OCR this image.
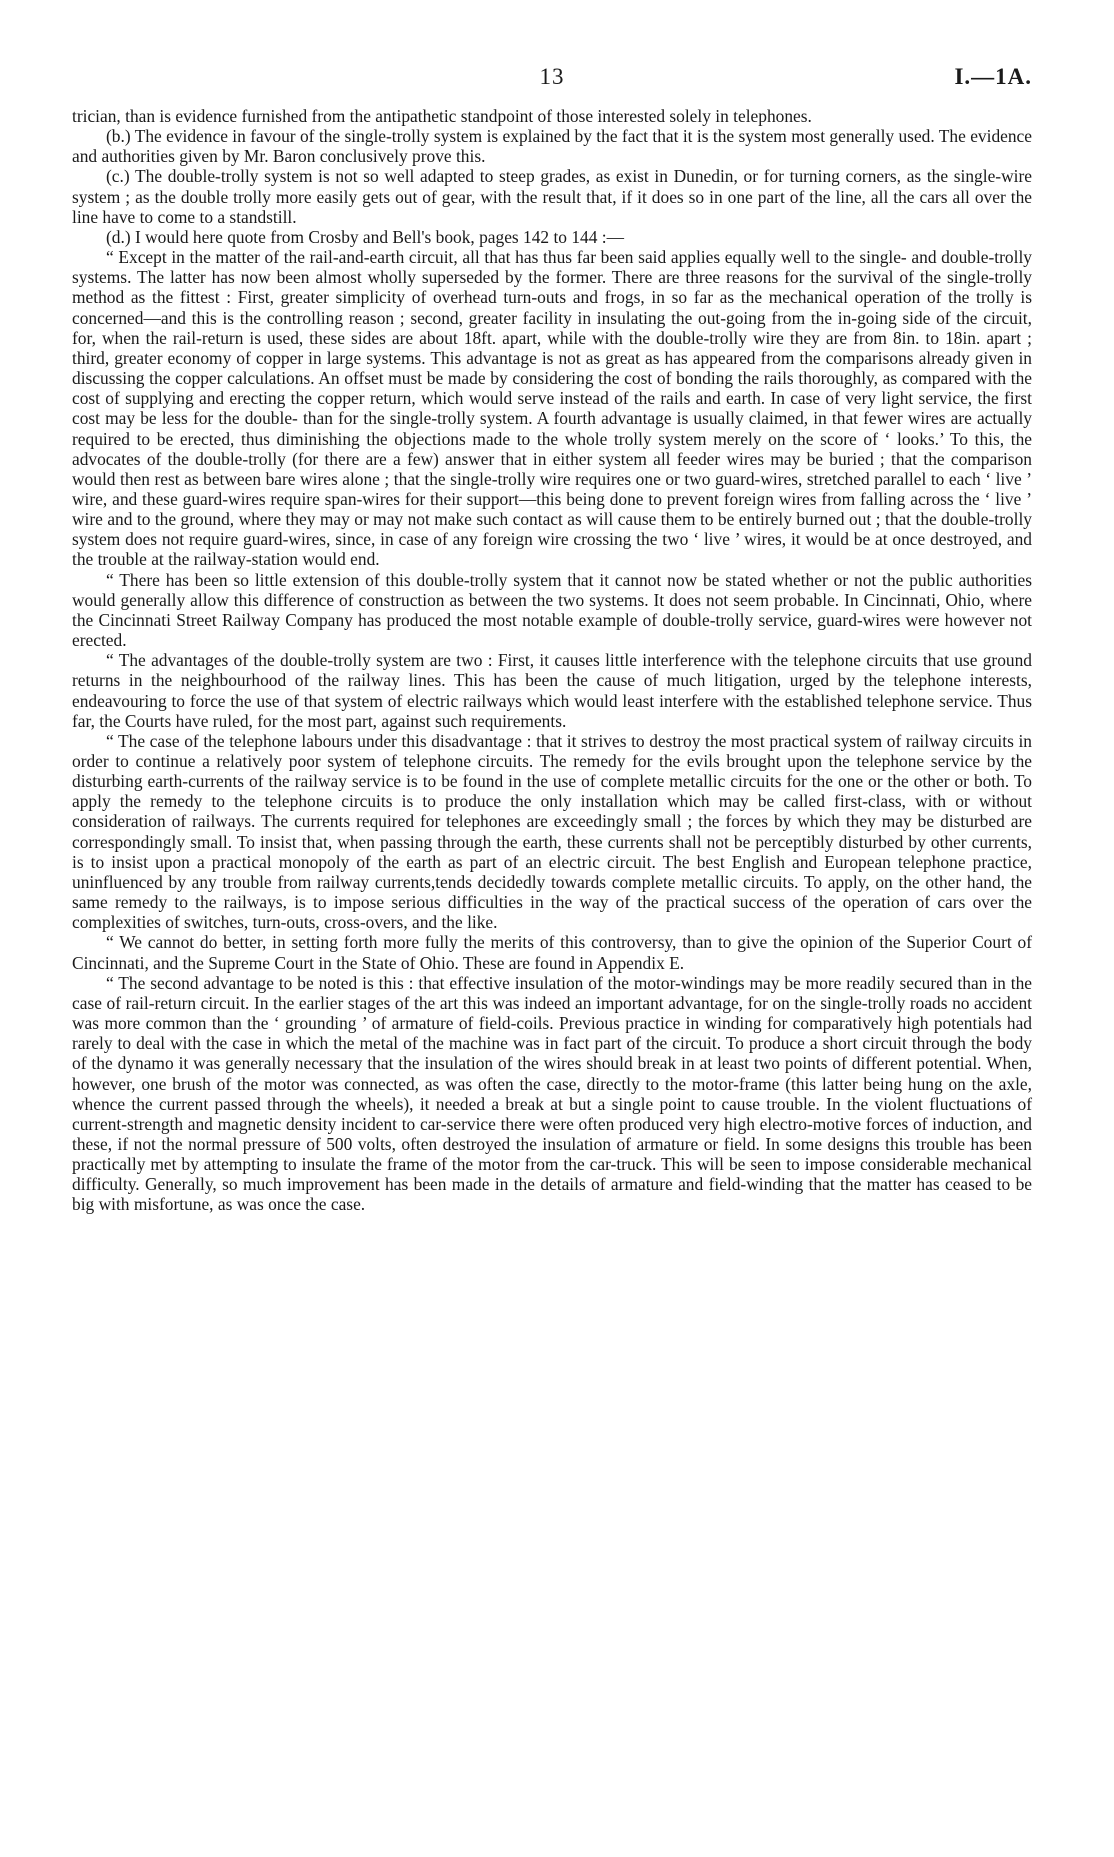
13	I.—1A.

trician, than is evidence furnished from the antipathetic standpoint of those interested solely in telephones.

(b.) The evidence in favour of the single-trolly system is explained by the fact that it is the system most generally used. The evidence and authorities given by Mr. Baron conclusively prove this.

(c.) The double-trolly system is not so well adapted to steep grades, as exist in Dunedin, or for turning corners, as the single-wire system ; as the double trolly more easily gets out of gear, with the result that, if it does so in one part of the line, all the cars all over the line have to come to a standstill.

(d.) I would here quote from Crosby and Bell's book, pages 142 to 144 :—

“ Except in the matter of the rail-and-earth circuit, all that has thus far been said applies equally well to the single- and double-trolly systems. The latter has now been almost wholly superseded by the former. There are three reasons for the survival of the single-trolly method as the fittest : First, greater simplicity of overhead turn-outs and frogs, in so far as the mechanical operation of the trolly is concerned—and this is the controlling reason ; second, greater facility in insulating the out-going from the in-going side of the circuit, for, when the rail-return is used, these sides are about 18ft. apart, while with the double-trolly wire they are from 8in. to 18in. apart ; third, greater economy of copper in large systems. This advantage is not as great as has appeared from the comparisons already given in discussing the copper calculations. An offset must be made by considering the cost of bonding the rails thoroughly, as compared with the cost of supplying and erecting the copper return, which would serve instead of the rails and earth. In case of very light service, the first cost may be less for the double- than for the single-trolly system. A fourth advantage is usually claimed, in that fewer wires are actually required to be erected, thus diminishing the objections made to the whole trolly system merely on the score of ‘ looks.’ To this, the advocates of the double-trolly (for there are a few) answer that in either system all feeder wires may be buried ; that the comparison would then rest as between bare wires alone ; that the single-trolly wire requires one or two guard-wires, stretched parallel to each ‘ live ’ wire, and these guard-wires require span-wires for their support—this being done to prevent foreign wires from falling across the ‘ live ’ wire and to the ground, where they may or may not make such contact as will cause them to be entirely burned out ; that the double-trolly system does not require guard-wires, since, in case of any foreign wire crossing the two ‘ live ’ wires, it would be at once destroyed, and the trouble at the railway-station would end.

“ There has been so little extension of this double-trolly system that it cannot now be stated whether or not the public authorities would generally allow this difference of construction as between the two systems. It does not seem probable. In Cincinnati, Ohio, where the Cincinnati Street Railway Company has produced the most notable example of double-trolly service, guard-wires were however not erected.

“ The advantages of the double-trolly system are two : First, it causes little interference with the telephone circuits that use ground returns in the neighbourhood of the railway lines. This has been the cause of much litigation, urged by the telephone interests, endeavouring to force the use of that system of electric railways which would least interfere with the established telephone service. Thus far, the Courts have ruled, for the most part, against such requirements.

“ The case of the telephone labours under this disadvantage : that it strives to destroy the most practical system of railway circuits in order to continue a relatively poor system of telephone circuits. The remedy for the evils brought upon the telephone service by the disturbing earth-currents of the railway service is to be found in the use of complete metallic circuits for the one or the other or both. To apply the remedy to the telephone circuits is to produce the only installation which may be called first-class, with or without consideration of railways. The currents required for telephones are exceedingly small ; the forces by which they may be disturbed are correspondingly small. To insist that, when passing through the earth, these currents shall not be perceptibly disturbed by other currents, is to insist upon a practical monopoly of the earth as part of an electric circuit. The best English and European telephone practice, uninfluenced by any trouble from railway currents,tends decidedly towards complete metallic circuits. To apply, on the other hand, the same remedy to the railways, is to impose serious difficulties in the way of the practical success of the operation of cars over the complexities of switches, turn-outs, cross-overs, and the like.

“ We cannot do better, in setting forth more fully the merits of this controversy, than to give the opinion of the Superior Court of Cincinnati, and the Supreme Court in the State of Ohio. These are found in Appendix E.

“ The second advantage to be noted is this : that effective insulation of the motor-windings may be more readily secured than in the case of rail-return circuit. In the earlier stages of the art this was indeed an important advantage, for on the single-trolly roads no accident was more common than the ‘ grounding ’ of armature of field-coils. Previous practice in winding for comparatively high potentials had rarely to deal with the case in which the metal of the machine was in fact part of the circuit. To produce a short circuit through the body of the dynamo it was generally necessary that the insulation of the wires should break in at least two points of different potential. When, however, one brush of the motor was connected, as was often the case, directly to the motor-frame (this latter being hung on the axle, whence the current passed through the wheels), it needed a break at but a single point to cause trouble. In the violent fluctuations of current-strength and magnetic density incident to car-service there were often produced very high electro-motive forces of induction, and these, if not the normal pressure of 500 volts, often destroyed the insulation of armature or field. In some designs this trouble has been practically met by attempting to insulate the frame of the motor from the car-truck. This will be seen to impose considerable mechanical difficulty. Generally, so much improvement has been made in the details of armature and field-winding that the matter has ceased to be big with misfortune, as was once the case.
